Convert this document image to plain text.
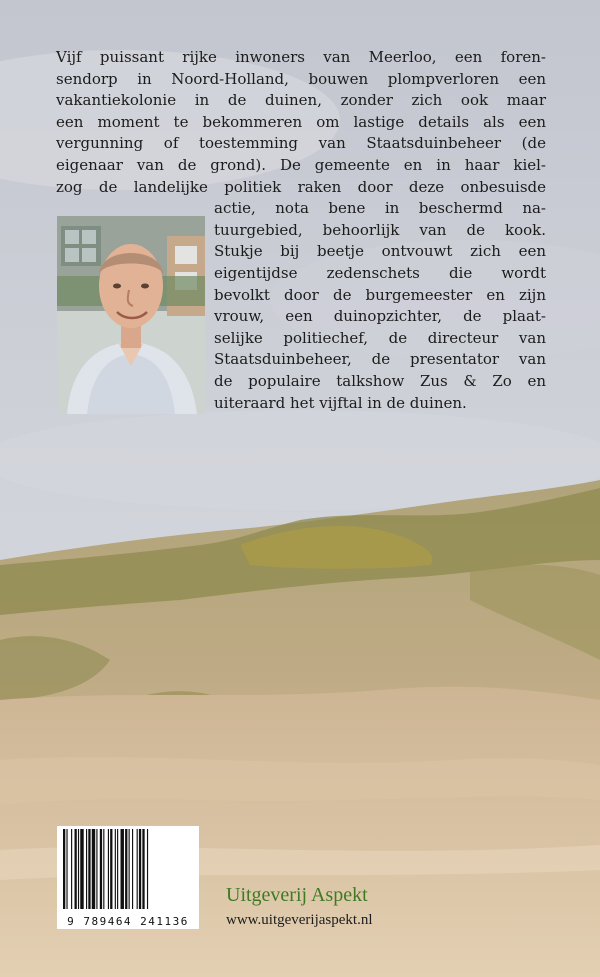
Vijf puissant rijke inwoners van Meerloo, een foren-
sendorp in Noord-Holland, bouwen plompverloren een
vakantiekolonie in de duinen, zonder zich ook maar
een moment te bekommeren om lastige details als een
vergunning of toestemming van Staatsduinbeheer (de
eigenaar van de grond). De gemeente en in haar kiel-
zog de landelijke politiek raken door deze onbesuisde
actie, nota bene in beschermd na-
tuurgebied, behoorlijk van de kook.
Stukje bij beetje ontvouwt zich een
eigentijdse zedenschets die wordt
bevolkt door de burgemeester en zijn
vrouw, een duinopzichter, de plaat-
selijke politiechef, de directeur van
Staatsduinbeheer, de presentator van
de populaire talkshow Zus & Zo en
uiteraard het vijftal in de duinen.

9 789464 241136
Uitgeverij Aspekt
www.uitgeverijaspekt.nl
